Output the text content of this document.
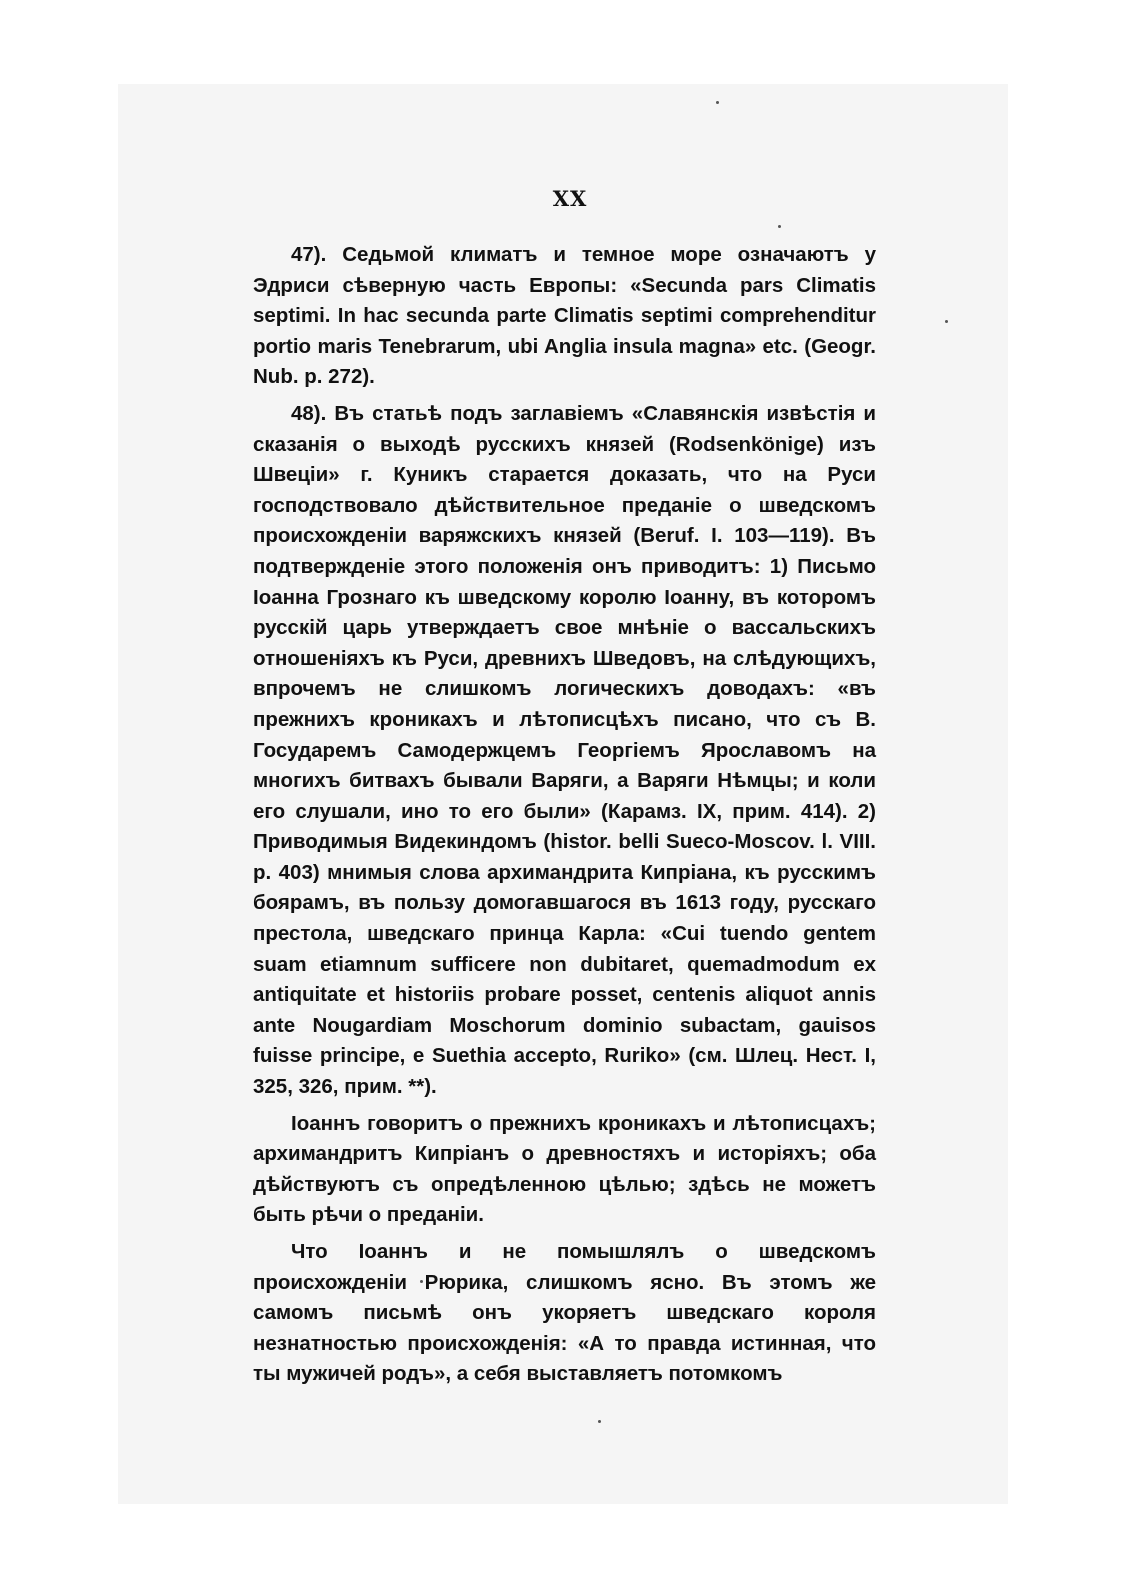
XX

47). Седьмой климатъ и темное море означаютъ у Эдриси сѣверную часть Европы: «Secunda pars Climatis septimi. In hac secunda parte Climatis septimi comprehenditur portio maris Tenebrarum, ubi Anglia insula magna» etc. (Geogr. Nub. p. 272).

48). Въ статьѣ подъ заглавіемъ «Славянскія извѣстія и сказанія о выходѣ русскихъ князей (Rodsenkönige) изъ Швеціи» г. Куникъ старается доказать, что на Руси господствовало дѣйствительное преданіе о шведскомъ происхожденіи варяжскихъ князей (Beruf. I. 103—119). Въ подтвержденіе этого положенія онъ приводитъ: 1) Письмо Іоанна Грознаго къ шведскому королю Іоанну, въ которомъ русскій царь утверждаетъ свое мнѣніе о вассальскихъ отношеніяхъ къ Руси, древнихъ Шведовъ, на слѣдующихъ, впрочемъ не слишкомъ логическихъ доводахъ: «въ прежнихъ кроникахъ и лѣтописцѣхъ писано, что съ В. Государемъ Самодержцемъ Георгіемъ Ярославомъ на многихъ битвахъ бывали Варяги, а Варяги Нѣмцы; и коли его слушали, ино то его были» (Карамз. IX, прим. 414). 2) Приводимыя Видекиндомъ (histor. belli Sueco-Moscov. l. VIII. p. 403) мнимыя слова архимандрита Кипріана, къ русскимъ боярамъ, въ пользу домогавшагося въ 1613 году, русскаго престола, шведскаго принца Карла: «Cui tuendo gentem suam etiamnum sufficere non dubitaret, quemadmodum ex antiquitate et historiis probare posset, centenis aliquot annis ante Nougardiam Moschorum dominio subactam, gauisos fuisse principe, e Suethia accepto, Ruriko» (см. Шлец. Нест. I, 325, 326, прим. **).

Іоаннъ говоритъ о прежнихъ кроникахъ и лѣтописцахъ; архимандритъ Кипріанъ о древностяхъ и исторіяхъ; оба дѣйствуютъ съ опредѣленною цѣлью; здѣсь не можетъ быть рѣчи о преданіи.

Что Іоаннъ и не помышлялъ о шведскомъ происхожденіи Рюрика, слишкомъ ясно. Въ этомъ же самомъ письмѣ онъ укоряетъ шведскаго короля незнатностью происхожденія: «А то правда истинная, что ты мужичей родъ», а себя выставляетъ потомкомъ
